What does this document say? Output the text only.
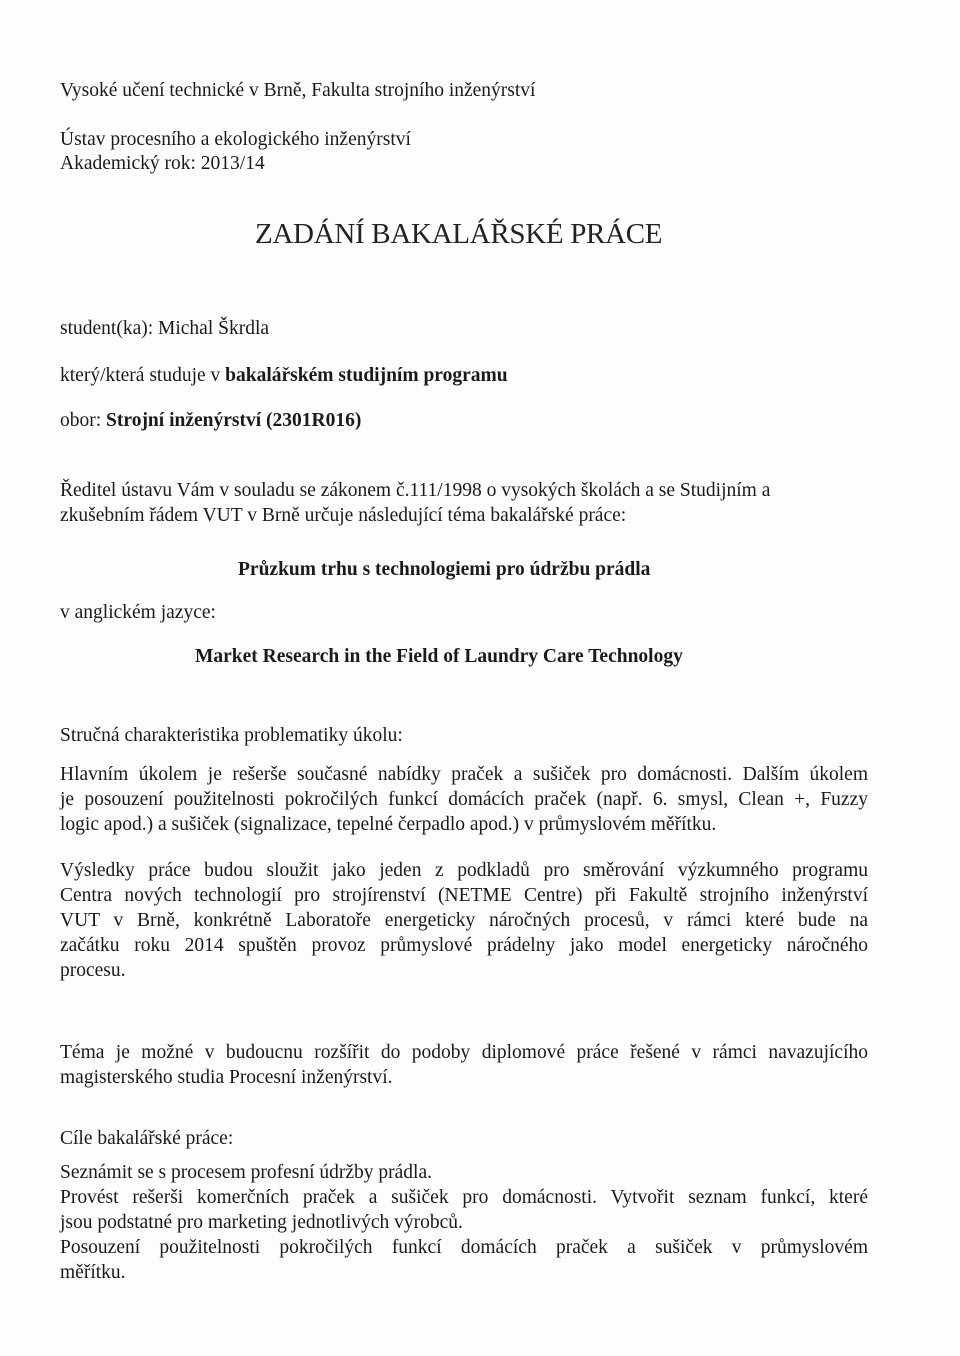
Vysoké učení technické v Brně, Fakulta strojního inženýrství
Ústav procesního a ekologického inženýrství
Akademický rok: 2013/14
ZADÁNÍ BAKALÁŘSKÉ PRÁCE
student(ka): Michal Škrdla
který/která studuje v bakalářském studijním programu
obor: Strojní inženýrství (2301R016)
Ředitel ústavu Vám v souladu se zákonem č.111/1998 o vysokých školách a se Studijním a
zkušebním řádem VUT v Brně určuje následující téma bakalářské práce:
Průzkum trhu s technologiemi pro údržbu prádla
v anglickém jazyce:
Market Research in the Field of Laundry Care Technology
Stručná charakteristika problematiky úkolu:
Hlavním úkolem je rešerše současné nabídky praček a sušiček pro domácnosti. Dalším úkolem
je posouzení použitelnosti pokročilých funkcí domácích praček (např. 6. smysl, Clean +, Fuzzy
logic apod.) a sušiček (signalizace, tepelné čerpadlo apod.) v průmyslovém měřítku.
Výsledky práce budou sloužit jako jeden z podkladů pro směrování výzkumného programu
Centra nových technologií pro strojírenství (NETME Centre) při Fakultě strojního inženýrství
VUT v Brně, konkrétně Laboratoře energeticky náročných procesů, v rámci které bude na
začátku roku 2014 spuštěn provoz průmyslové prádelny jako model energeticky náročného
procesu.
Téma je možné v budoucnu rozšířit do podoby diplomové práce řešené v rámci navazujícího
magisterského studia Procesní inženýrství.
Cíle bakalářské práce:
Seznámit se s procesem profesní údržby prádla.
Provést rešerši komerčních praček a sušiček pro domácnosti. Vytvořit seznam funkcí, které
jsou podstatné pro marketing jednotlivých výrobců.
Posouzení použitelnosti pokročilých funkcí domácích praček a sušiček v průmyslovém
měřítku.
